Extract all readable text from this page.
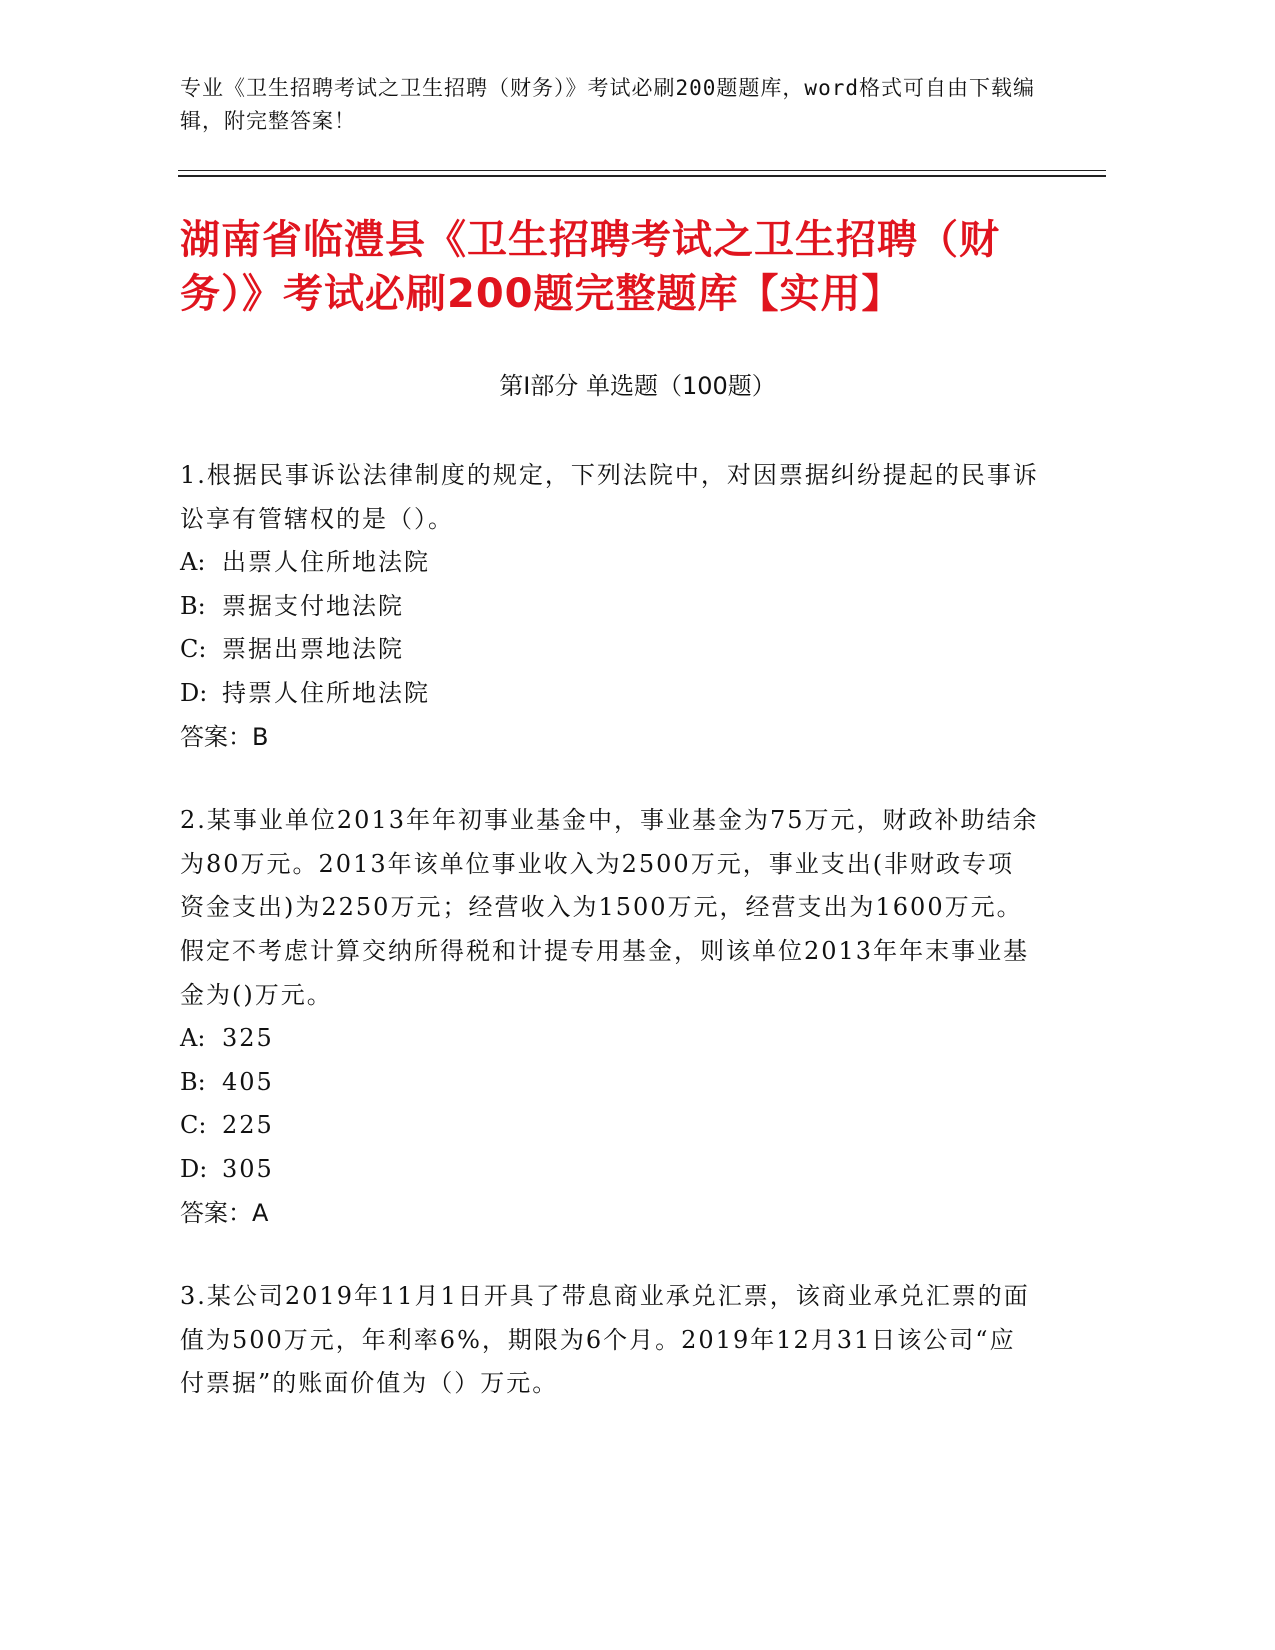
专业《卫生招聘考试之卫生招聘（财务）》考试必刷200题题库，word格式可自由下载编辑，附完整答案！
湖南省临澧县《卫生招聘考试之卫生招聘（财务）》考试必刷200题完整题库【实用】
第Ⅰ部分 单选题（100题）

1.根据民事诉讼法律制度的规定，下列法院中，对因票据纠纷提起的民事诉讼享有管辖权的是（）。

A: 出票人住所地法院

B: 票据支付地法院

C: 票据出票地法院

D: 持票人住所地法院

答案：B

2.某事业单位2013年年初事业基金中，事业基金为75万元，财政补助结余为80万元。2013年该单位事业收入为2500万元，事业支出(非财政专项资金支出)为2250万元；经营收入为1500万元，经营支出为1600万元。假定不考虑计算交纳所得税和计提专用基金，则该单位2013年年末事业基金为()万元。

A: 325

B: 405

C: 225

D: 305

答案：A

3.某公司2019年11月1日开具了带息商业承兑汇票，该商业承兑汇票的面值为500万元，年利率6%，期限为6个月。2019年12月31日该公司“应付票据”的账面价值为（）万元。
